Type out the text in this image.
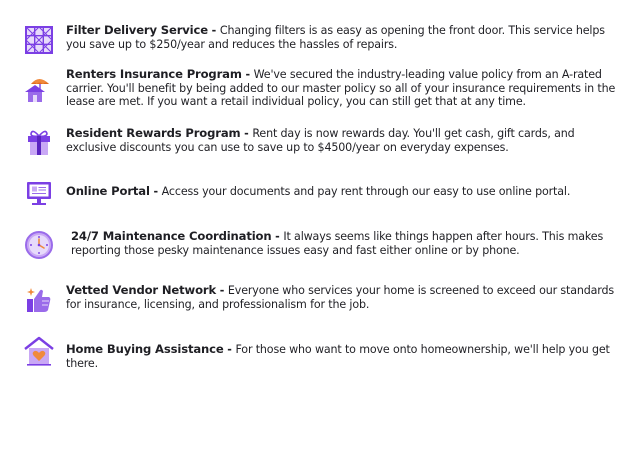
Filter Delivery Service - Changing filters is as easy as opening the front door. This service helps you save up to $250/year and reduces the hassles of repairs.
Renters Insurance Program - We've secured the industry-leading value policy from an A-rated carrier. You'll benefit by being added to our master policy so all of your insurance requirements in the lease are met. If you want a retail individual policy, you can still get that at any time.
Resident Rewards Program - Rent day is now rewards day. You'll get cash, gift cards, and exclusive discounts you can use to save up to $4500/year on everyday expenses.
Online Portal - Access your documents and pay rent through our easy to use online portal.
24/7 Maintenance Coordination - It always seems like things happen after hours. This makes reporting those pesky maintenance issues easy and fast either online or by phone.
Vetted Vendor Network - Everyone who services your home is screened to exceed our standards for insurance, licensing, and professionalism for the job.
Home Buying Assistance - For those who want to move onto homeownership, we'll help you get there.
